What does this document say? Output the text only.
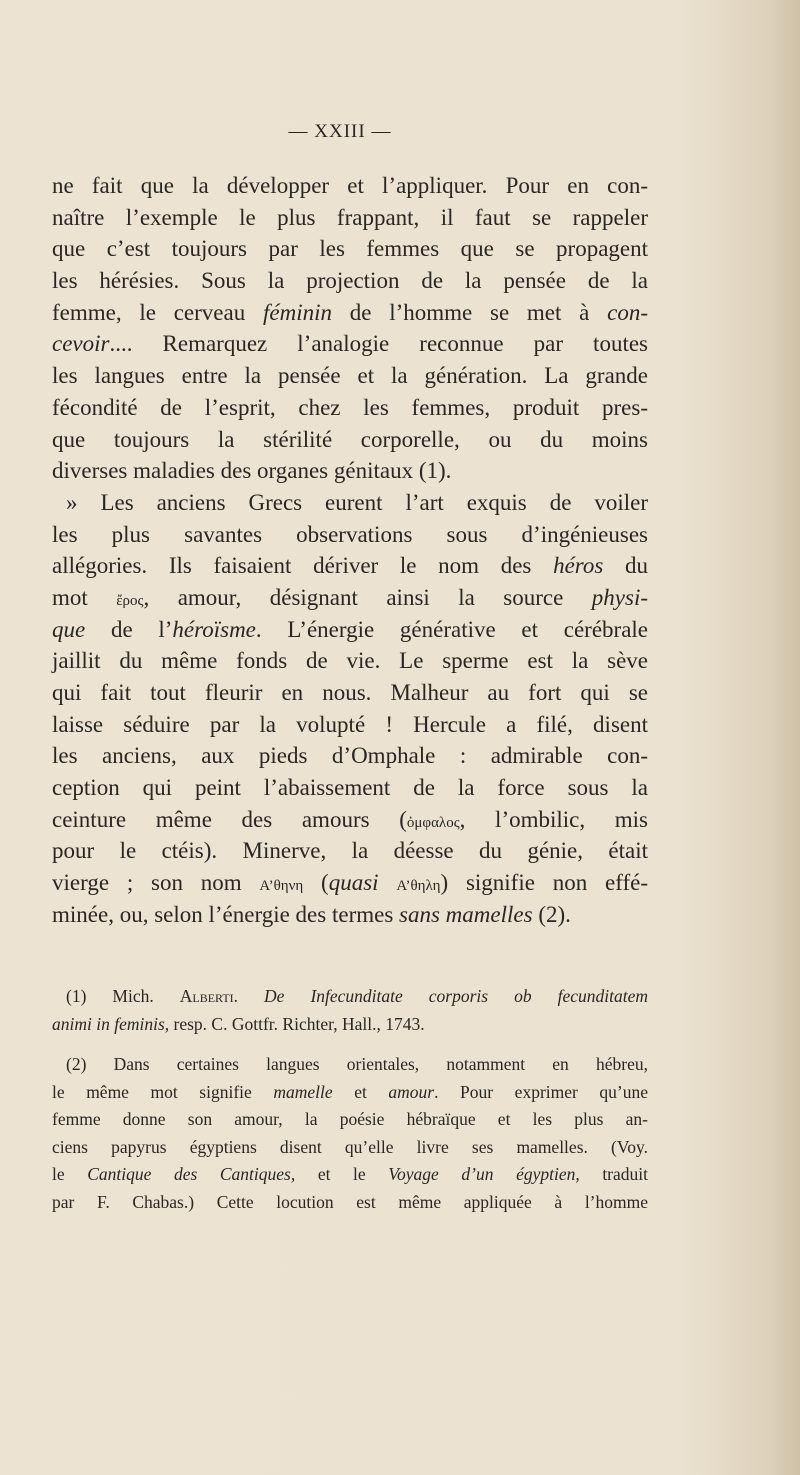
— XXIII —
ne fait que la développer et l’appliquer. Pour en con-
naître l’exemple le plus frappant, il faut se rappeler
que c’est toujours par les femmes que se propagent
les hérésies. Sous la projection de la pensée de la
femme, le cerveau féminin de l’homme se met à con-
cevoir.... Remarquez l’analogie reconnue par toutes
les langues entre la pensée et la génération. La grande
fécondité de l’esprit, chez les femmes, produit pres-
que toujours la stérilité corporelle, ou du moins
diverses maladies des organes génitaux (1).
» Les anciens Grecs eurent l’art exquis de voiler
les plus savantes observations sous d’ingénieuses
allégories. Ils faisaient dériver le nom des héros du
mot ἔρος, amour, désignant ainsi la source physi-
que de l’héroïsme. L’énergie générative et cérébrale
jaillit du même fonds de vie. Le sperme est la sève
qui fait tout fleurir en nous. Malheur au fort qui se
laisse séduire par la volupté ! Hercule a filé, disent
les anciens, aux pieds d’Omphale : admirable con-
ception qui peint l’abaissement de la force sous la
ceinture même des amours (ὀμφαλος, l’ombilic, mis
pour le ctéis). Minerve, la déesse du génie, était
vierge ; son nom Α’θηνη (quasi Α’θηλη) signifie non effé-
minée, ou, selon l’énergie des termes sans mamelles (2).
(1) Mich. Alberti. De Infecunditate corporis ob fecunditatem
animi in feminis, resp. C. Gottfr. Richter, Hall., 1743.
(2) Dans certaines langues orientales, notamment en hébreu,
le même mot signifie mamelle et amour. Pour exprimer qu’une
femme donne son amour, la poésie hébraïque et les plus an-
ciens papyrus égyptiens disent qu’elle livre ses mamelles. (Voy.
le Cantique des Cantiques, et le Voyage d’un égyptien, traduit
par F. Chabas.) Cette locution est même appliquée à l’homme
